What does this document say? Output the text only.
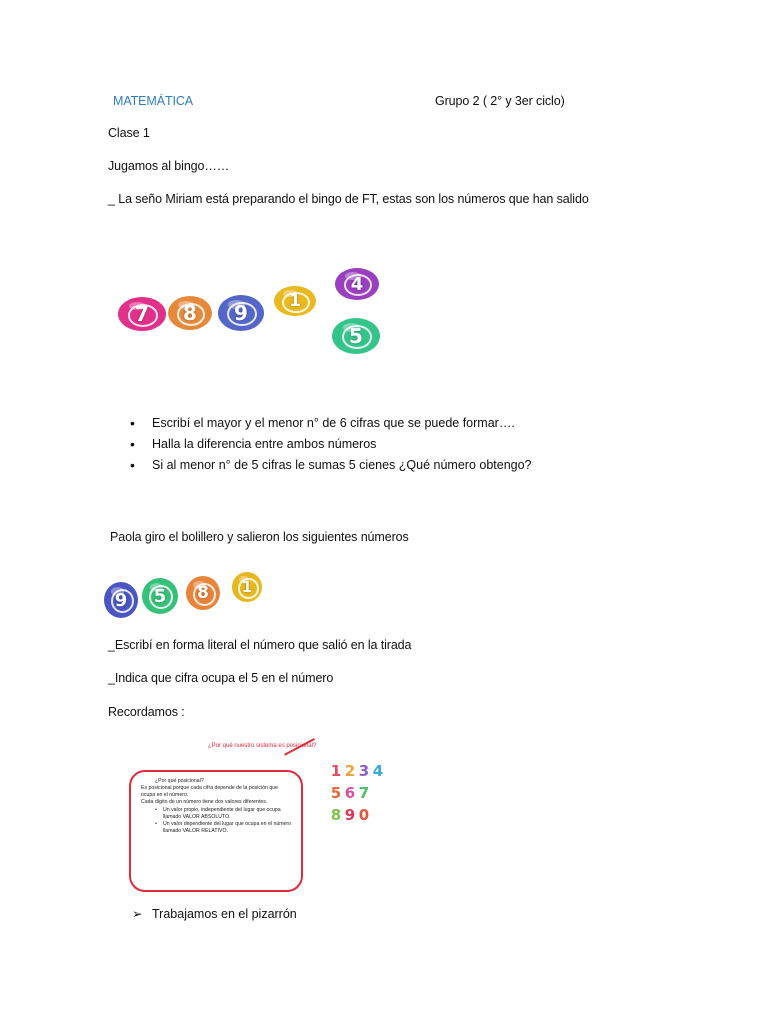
MATEMÁTICA	Grupo 2 ( 2° y 3er ciclo)
Clase 1
Jugamos al bingo……
_ La seño Miriam está preparando el bingo de FT, estas son los números que han salido
7 8 9 1
4
5
• Escribí el mayor y el menor n° de 6 cifras que se puede formar….
• Halla la diferencia entre ambos números
• Si al menor n° de 5 cifras le sumas 5 cienes ¿Qué número obtengo?
Paola giro el bolillero y salieron los siguientes números
9 5 8 1
_Escribí en forma literal el número que salió en la tirada
_Indica que cifra ocupa el 5 en el número
Recordamos :
¿Por qué nuestro sistema es posicional?
¿Por qué posicional?
Es posicional porque cada cifra depende de la posición que ocupa en el número.
Cada dígito de un número tiene dos valores diferentes.
• Un valor propio, independiente del lugar que ocupa llamado VALOR ABSOLUTO.
• Un valor dependiente del lugar que ocupa en el número llamado VALOR RELATIVO.
1 2 3 4
5 6 7
8 9 0
➢ Trabajamos en el pizarrón
